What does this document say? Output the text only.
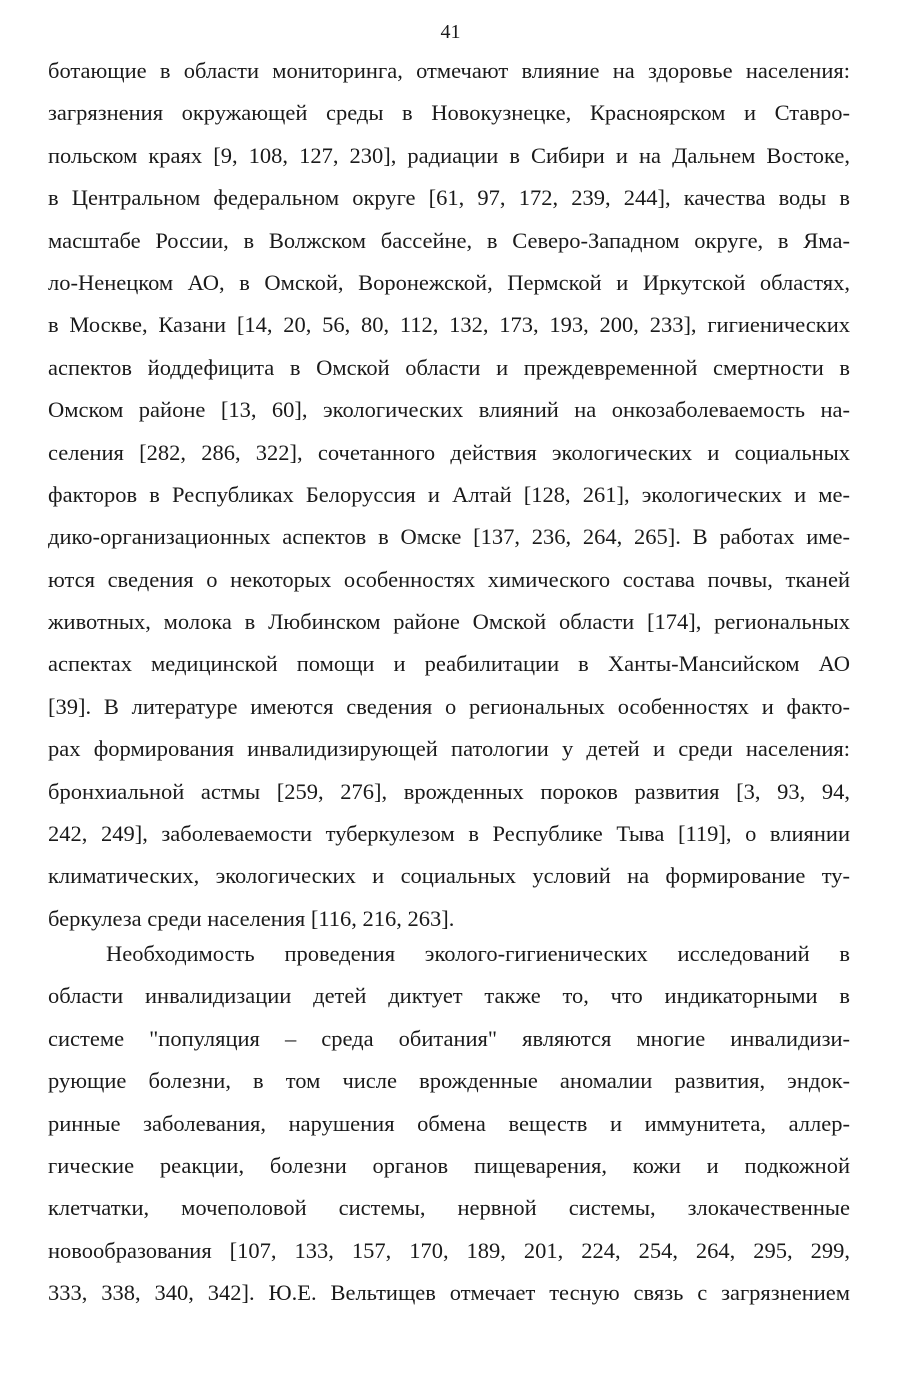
41
ботающие в области мониторинга, отмечают влияние на здоровье населения:
загрязнения окружающей среды в Новокузнецке, Красноярском и Ставро-
польском краях [9, 108, 127, 230], радиации в Сибири и на Дальнем Востоке,
в Центральном федеральном округе [61, 97, 172, 239, 244], качества воды в
масштабе России, в Волжском бассейне, в Северо-Западном округе, в Ямa-
ло-Ненецком АО, в Омской, Воронежской, Пермской и Иркутской областях,
в Москве, Казани [14, 20, 56, 80, 112, 132, 173, 193, 200, 233], гигиенических
аспектов йоддефицита в Омской области и преждевременной смертности в
Омском районе [13, 60], экологических влияний на онкозаболеваемость на-
селения [282, 286, 322], сочетанного действия экологических и социальных
факторов в Республиках Белоруссия и Алтай [128, 261], экологических и ме-
дико-организационных аспектов в Омске [137, 236, 264, 265]. В работах име-
ются сведения о некоторых особенностях химического состава почвы, тканей
животных, молока в Любинском районе Омской области [174], региональных
аспектах медицинской помощи и реабилитации в Ханты-Мансийском АО
[39]. В литературе имеются сведения о региональных особенностях и факто-
рах формирования инвалидизирующей патологии у детей и среди населения:
бронхиальной астмы [259, 276], врожденных пороков развития [3, 93, 94,
242, 249], заболеваемости туберкулезом в Республике Тыва [119], о влиянии
климатических, экологических и социальных условий на формирование ту-
беркулеза среди населения [116, 216, 263].
Необходимость проведения эколого-гигиенических исследований в
области инвалидизации детей диктует также то, что индикаторными в
системе "популяция – среда обитания" являются многие инвалидизи-
рующие болезни, в том числе врожденные аномалии развития, эндок-
ринные заболевания, нарушения обмена веществ и иммунитета, аллер-
гические реакции, болезни органов пищеварения, кожи и подкожной
клетчатки, мочеполовой системы, нервной системы, злокачественные
новообразования [107, 133, 157, 170, 189, 201, 224, 254, 264, 295, 299,
333, 338, 340, 342]. Ю.Е. Вельтищев отмечает тесную связь с загрязнением
